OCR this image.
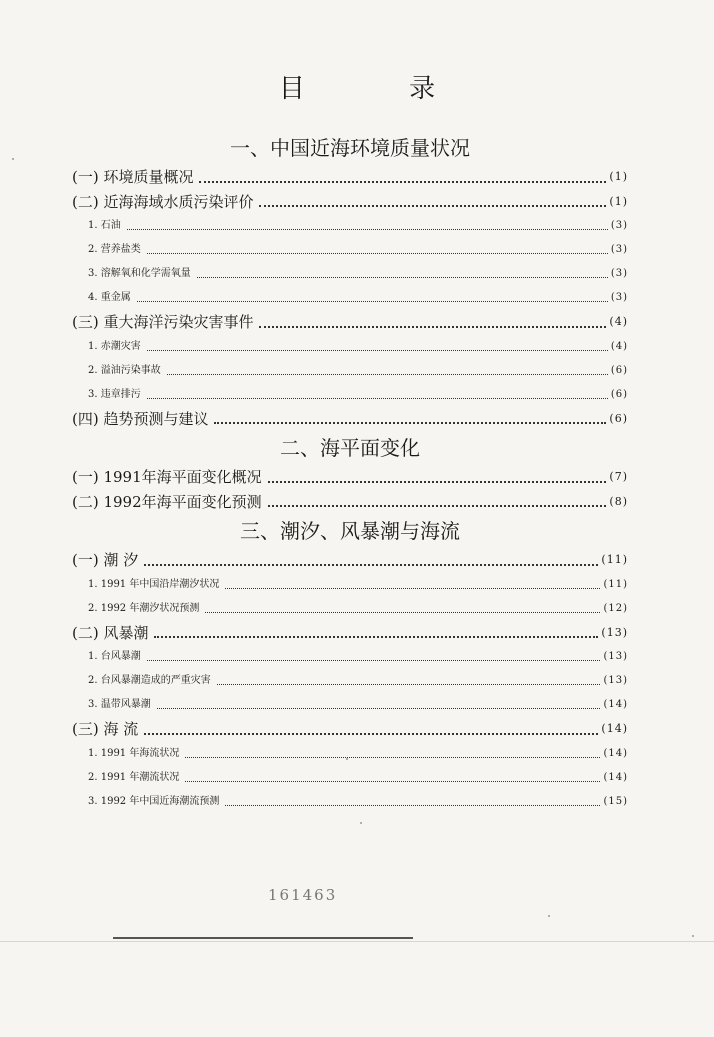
目 录
一、中国近海环境质量状况
(一) 环境质量概况	(1)
(二) 近海海域水质污染评价	(1)
1. 石油	(3)
2. 营养盐类	(3)
3. 溶解氧和化学需氧量	(3)
4. 重金属	(3)
(三) 重大海洋污染灾害事件	(4)
1. 赤潮灾害	(4)
2. 溢油污染事故	(6)
3. 违章排污	(6)
(四) 趋势预测与建议	(6)
二、海平面变化
(一) 1991年海平面变化概况	(7)
(二) 1992年海平面变化预测	(8)
三、潮汐、风暴潮与海流
(一) 潮 汐	(11)
1. 1991 年中国沿岸潮汐状况	(11)
2. 1992 年潮汐状况预测	(12)
(二) 风暴潮	(13)
1. 台风暴潮	(13)
2. 台风暴潮造成的严重灾害	(13)
3. 温带风暴潮	(14)
(三) 海 流	(14)
1. 1991 年海流状况	(14)
2. 1991 年潮流状况	(14)
3. 1992 年中国近海潮流预测	(15)
161463
